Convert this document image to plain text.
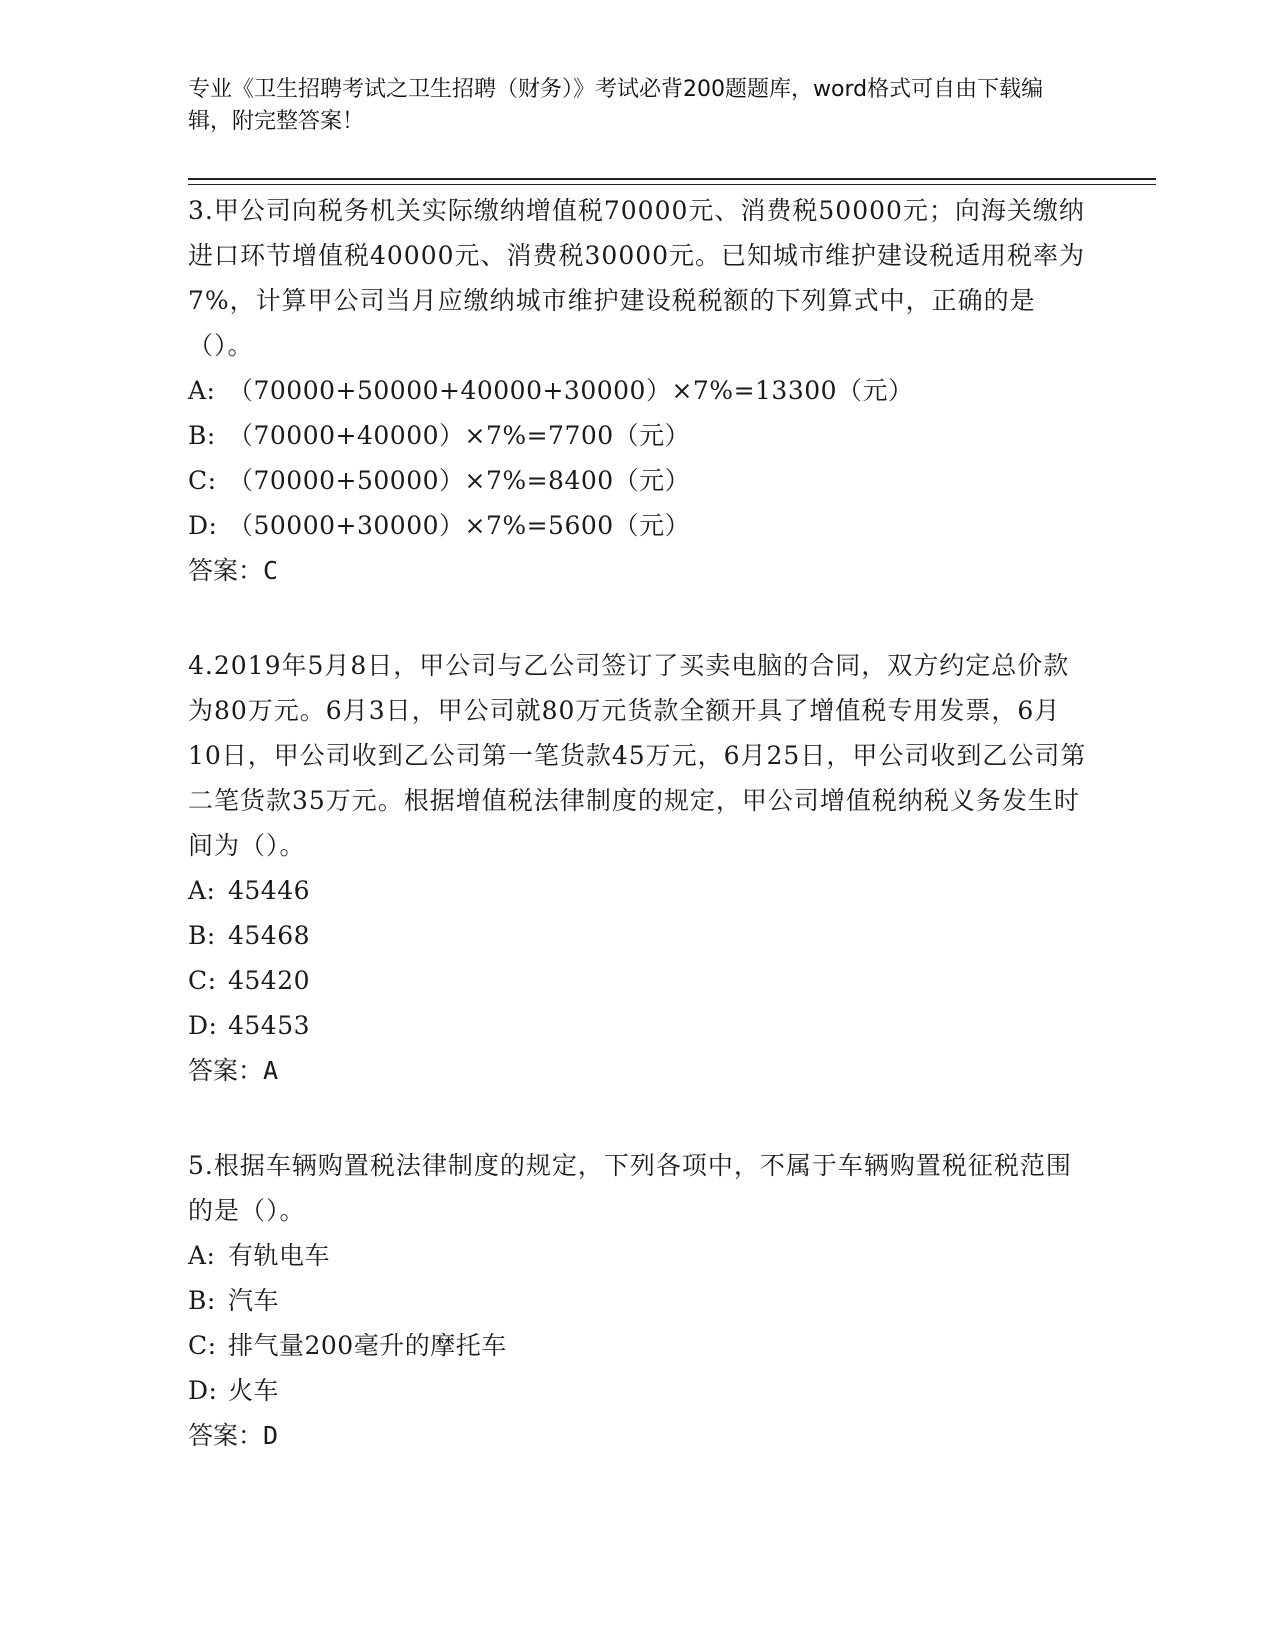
专业《卫生招聘考试之卫生招聘（财务）》考试必背200题题库，word格式可自由下载编辑，附完整答案！

3.甲公司向税务机关实际缴纳增值税70000元、消费税50000元；向海关缴纳进口环节增值税40000元、消费税30000元。已知城市维护建设税适用税率为7%，计算甲公司当月应缴纳城市维护建设税税额的下列算式中，正确的是（）。

A: （70000+50000+40000+30000）×7%=13300（元）

B: （70000+40000）×7%=7700（元）

C: （70000+50000）×7%=8400（元）

D: （50000+30000）×7%=5600（元）

答案：C

4.2019年5月8日，甲公司与乙公司签订了买卖电脑的合同，双方约定总价款为80万元。6月3日，甲公司就80万元货款全额开具了增值税专用发票，6月10日，甲公司收到乙公司第一笔货款45万元，6月25日，甲公司收到乙公司第二笔货款35万元。根据增值税法律制度的规定，甲公司增值税纳税义务发生时间为（）。

A: 45446

B: 45468

C: 45420

D: 45453

答案：A

5.根据车辆购置税法律制度的规定，下列各项中，不属于车辆购置税征税范围的是（）。

A: 有轨电车

B: 汽车

C: 排气量200毫升的摩托车

D: 火车

答案：D
